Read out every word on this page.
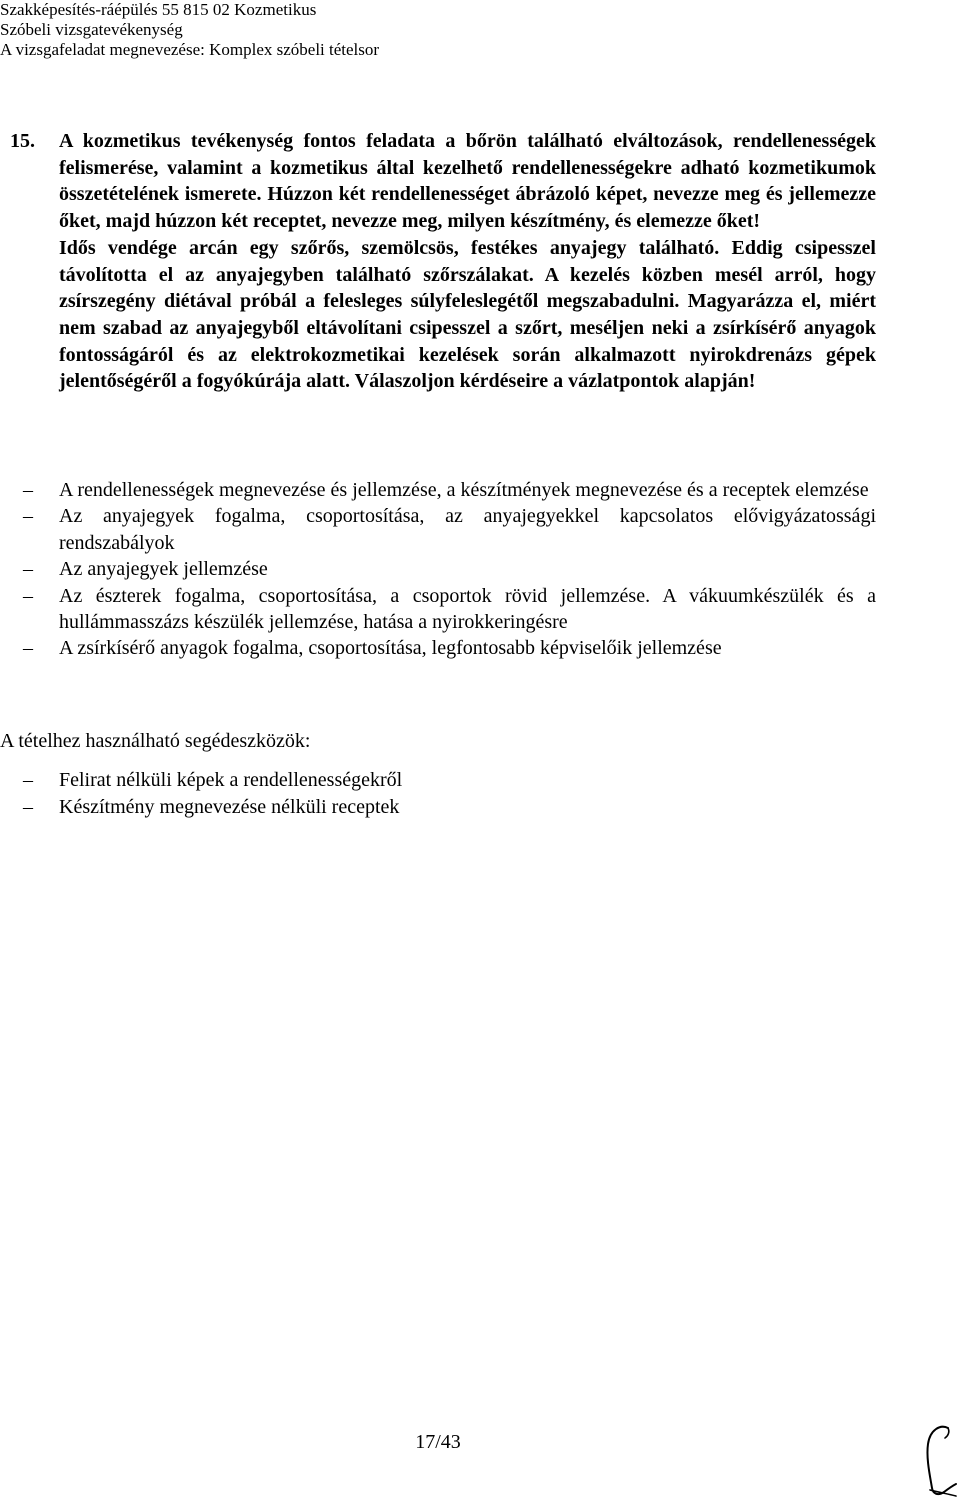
Szakképesítés-ráépülés 55 815 02 Kozmetikus
Szóbeli vizsgatevékenység
A vizsgafeladat megnevezése: Komplex szóbeli tételsor
15. A kozmetikus tevékenység fontos feladata a bőrön található elváltozások, rendellenességek felismerése, valamint a kozmetikus által kezelhető rendellenességekre adható kozmetikumok összetételének ismerete. Húzzon két rendellenességet ábrázoló képet, nevezze meg és jellemezze őket, majd húzzon két receptet, nevezze meg, milyen készítmény, és elemezze őket!

Idős vendége arcán egy szőrős, szemölcsös, festékes anyajegy található. Eddig csipesszel távolította el az anyajegyben található szőrszálakat. A kezelés közben mesél arról, hogy zsírszegény diétával próbál a felesleges súlyfeleslegétől megszabadulni. Magyarázza el, miért nem szabad az anyajegyből eltávolítani csipesszel a szőrt, meséljen neki a zsírkísérő anyagok fontosságáról és az elektrokozmetikai kezelések során alkalmazott nyirokdrenázs gépek jelentőségéről a fogyókúrája alatt. Válaszoljon kérdéseire a vázlatpontok alapján!

– A rendellenességek megnevezése és jellemzése, a készítmények megnevezése és a receptek elemzése
– Az anyajegyek fogalma, csoportosítása, az anyajegyekkel kapcsolatos elővigyázatossági rendszabályok
– Az anyajegyek jellemzése
– Az észterek fogalma, csoportosítása, a csoportok rövid jellemzése. A vákuumkészülék és a hullámmasszázs készülék jellemzése, hatása a nyirokkeringésre
– A zsírkísérő anyagok fogalma, csoportosítása, legfontosabb képviselőik jellemzése
A tételhez használható segédeszközök:
– Felirat nélküli képek a rendellenességekről
– Készítmény megnevezése nélküli receptek
17/43
